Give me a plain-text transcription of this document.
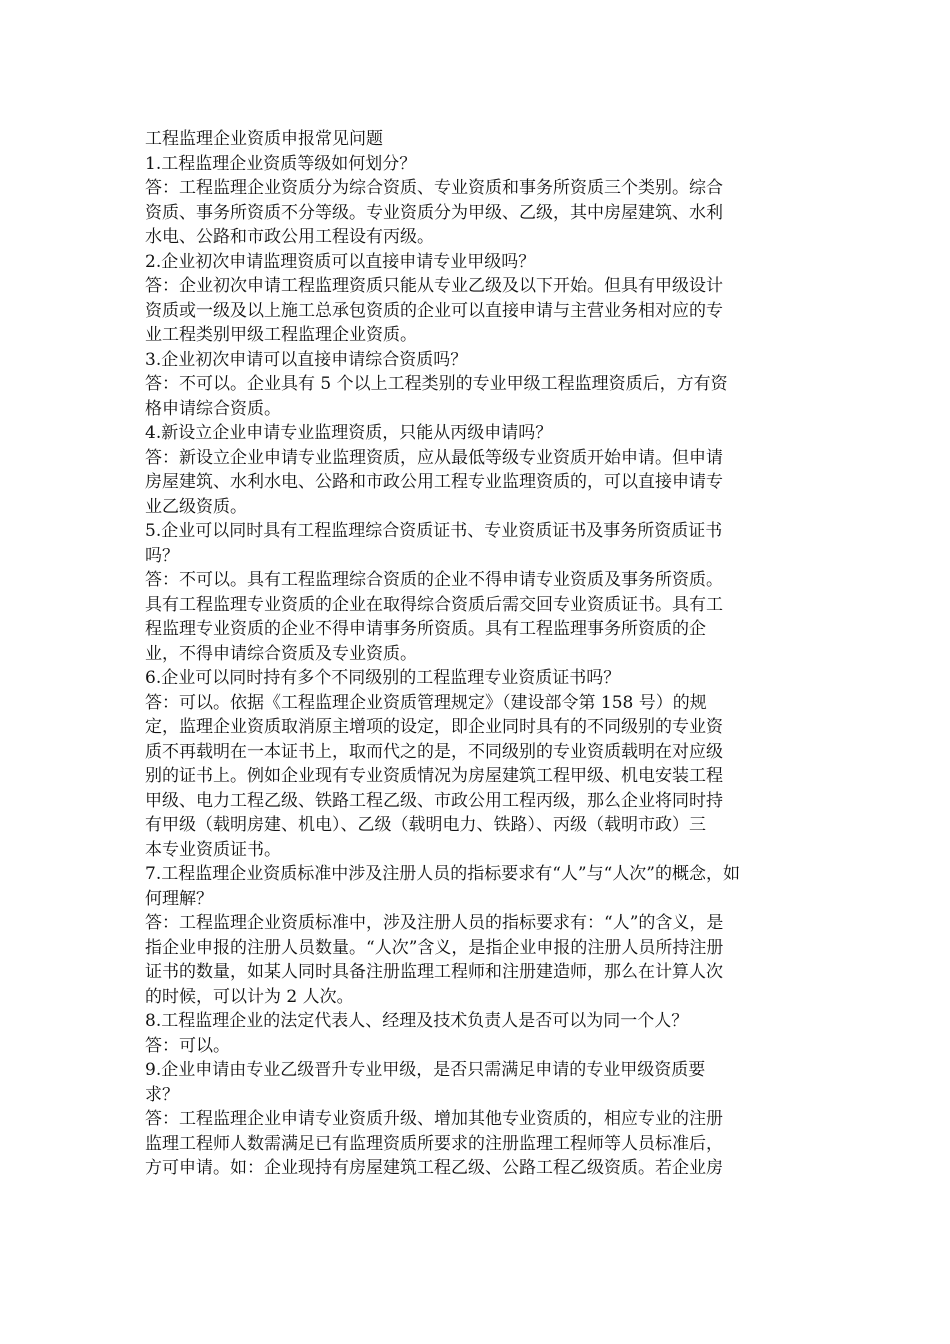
工程监理企业资质申报常见问题
1.工程监理企业资质等级如何划分？
答：工程监理企业资质分为综合资质、专业资质和事务所资质三个类别。综合
资质、事务所资质不分等级。专业资质分为甲级、乙级，其中房屋建筑、水利
水电、公路和市政公用工程设有丙级。
2.企业初次申请监理资质可以直接申请专业甲级吗？
答：企业初次申请工程监理资质只能从专业乙级及以下开始。但具有甲级设计
资质或一级及以上施工总承包资质的企业可以直接申请与主营业务相对应的专
业工程类别甲级工程监理企业资质。
3.企业初次申请可以直接申请综合资质吗？
答：不可以。企业具有 5 个以上工程类别的专业甲级工程监理资质后，方有资
格申请综合资质。
4.新设立企业申请专业监理资质，只能从丙级申请吗？
答：新设立企业申请专业监理资质，应从最低等级专业资质开始申请。但申请
房屋建筑、水利水电、公路和市政公用工程专业监理资质的，可以直接申请专
业乙级资质。
5.企业可以同时具有工程监理综合资质证书、专业资质证书及事务所资质证书
吗？
答：不可以。具有工程监理综合资质的企业不得申请专业资质及事务所资质。
具有工程监理专业资质的企业在取得综合资质后需交回专业资质证书。具有工
程监理专业资质的企业不得申请事务所资质。具有工程监理事务所资质的企
业，不得申请综合资质及专业资质。
6.企业可以同时持有多个不同级别的工程监理专业资质证书吗？
答：可以。依据《工程监理企业资质管理规定》（建设部令第 158 号）的规
定，监理企业资质取消原主增项的设定，即企业同时具有的不同级别的专业资
质不再载明在一本证书上，取而代之的是，不同级别的专业资质载明在对应级
别的证书上。例如企业现有专业资质情况为房屋建筑工程甲级、机电安装工程
甲级、电力工程乙级、铁路工程乙级、市政公用工程丙级，那么企业将同时持
有甲级（载明房建、机电）、乙级（载明电力、铁路）、丙级（载明市政）三
本专业资质证书。
7.工程监理企业资质标准中涉及注册人员的指标要求有“人”与“人次”的概念，如
何理解？
答：工程监理企业资质标准中，涉及注册人员的指标要求有：“人”的含义，是
指企业申报的注册人员数量。“人次”含义，是指企业申报的注册人员所持注册
证书的数量，如某人同时具备注册监理工程师和注册建造师，那么在计算人次
的时候，可以计为 2 人次。
8.工程监理企业的法定代表人、经理及技术负责人是否可以为同一个人？
答：可以。
9.企业申请由专业乙级晋升专业甲级，是否只需满足申请的专业甲级资质要
求？
答：工程监理企业申请专业资质升级、增加其他专业资质的，相应专业的注册
监理工程师人数需满足已有监理资质所要求的注册监理工程师等人员标准后，
方可申请。如：企业现持有房屋建筑工程乙级、公路工程乙级资质。若企业房
